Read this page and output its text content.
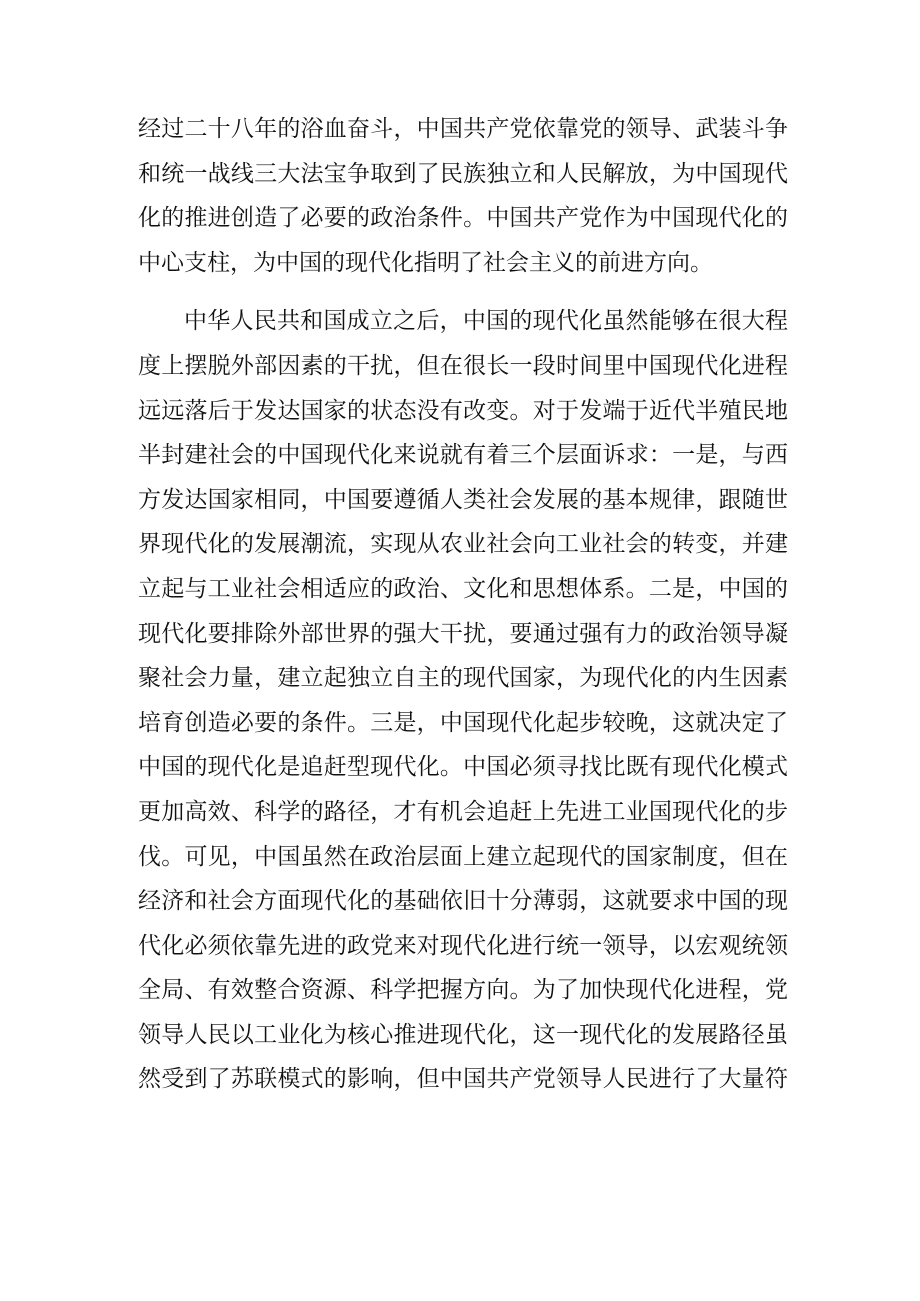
经过二十八年的浴血奋斗，中国共产党依靠党的领导、武装斗争
和统一战线三大法宝争取到了民族独立和人民解放，为中国现代
化的推进创造了必要的政治条件。中国共产党作为中国现代化的
中心支柱，为中国的现代化指明了社会主义的前进方向。
中华人民共和国成立之后，中国的现代化虽然能够在很大程
度上摆脱外部因素的干扰，但在很长一段时间里中国现代化进程
远远落后于发达国家的状态没有改变。对于发端于近代半殖民地
半封建社会的中国现代化来说就有着三个层面诉求：一是，与西
方发达国家相同，中国要遵循人类社会发展的基本规律，跟随世
界现代化的发展潮流，实现从农业社会向工业社会的转变，并建
立起与工业社会相适应的政治、文化和思想体系。二是，中国的
现代化要排除外部世界的强大干扰，要通过强有力的政治领导凝
聚社会力量，建立起独立自主的现代国家，为现代化的内生因素
培育创造必要的条件。三是，中国现代化起步较晚，这就决定了
中国的现代化是追赶型现代化。中国必须寻找比既有现代化模式
更加高效、科学的路径，才有机会追赶上先进工业国现代化的步
伐。可见，中国虽然在政治层面上建立起现代的国家制度，但在
经济和社会方面现代化的基础依旧十分薄弱，这就要求中国的现
代化必须依靠先进的政党来对现代化进行统一领导，以宏观统领
全局、有效整合资源、科学把握方向。为了加快现代化进程，党
领导人民以工业化为核心推进现代化，这一现代化的发展路径虽
然受到了苏联模式的影响，但中国共产党领导人民进行了大量符
